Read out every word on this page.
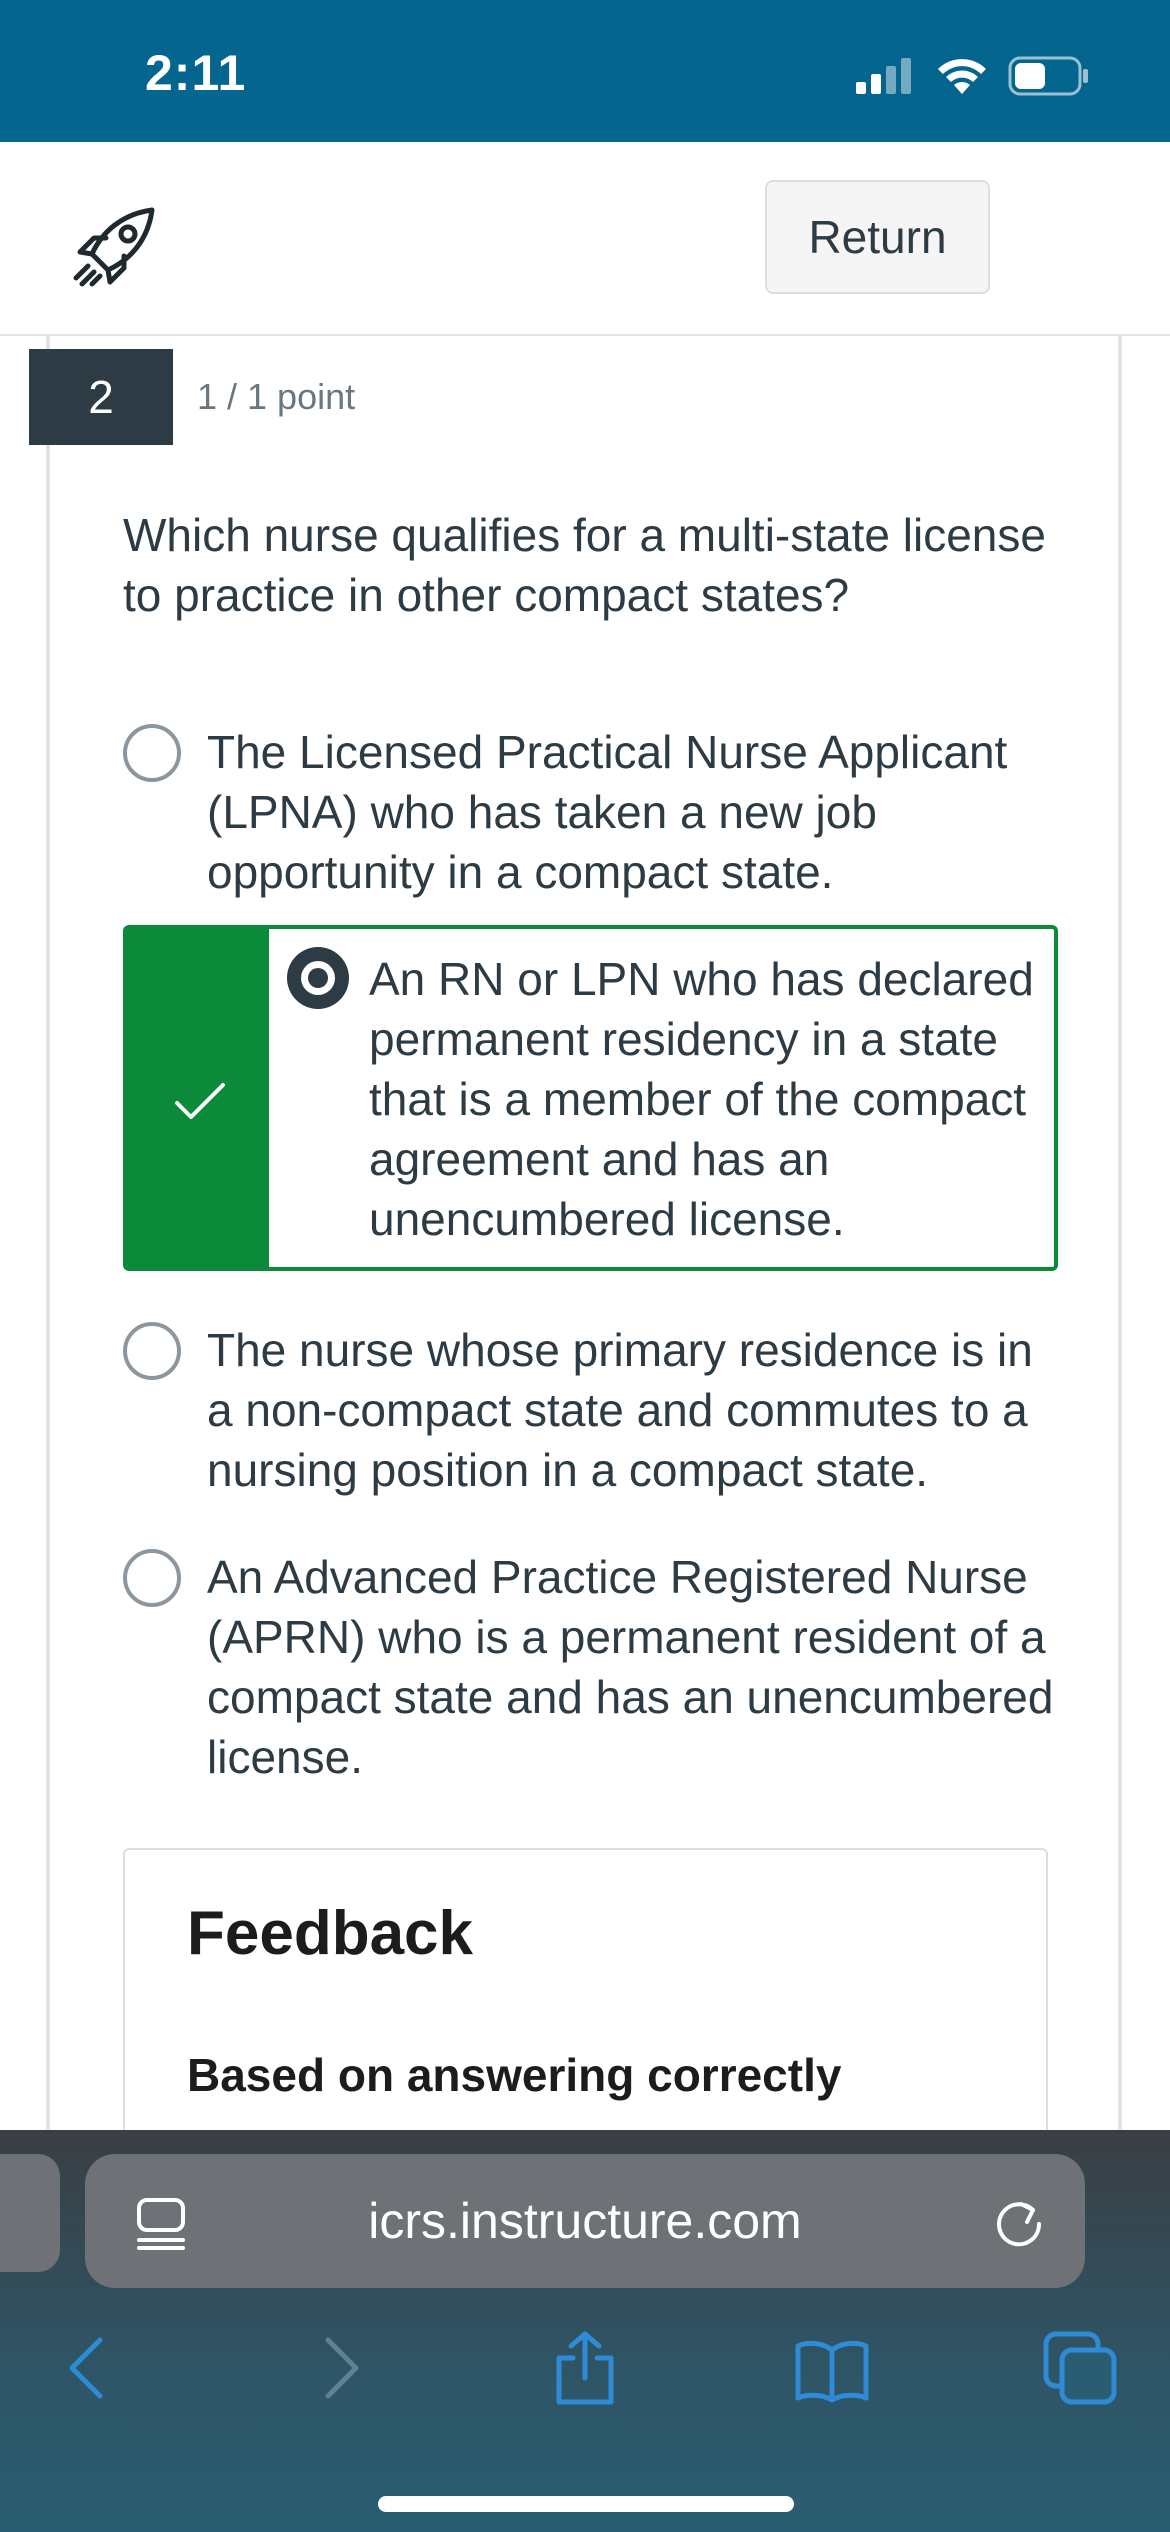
2:11
Return
2	1 / 1 point
Which nurse qualifies for a multi-state license to practice in other compact states?
The Licensed Practical Nurse Applicant (LPNA) who has taken a new job opportunity in a compact state.
An RN or LPN who has declared permanent residency in a state that is a member of the compact agreement and has an unencumbered license.
The nurse whose primary residence is in a non-compact state and commutes to a nursing position in a compact state.
An Advanced Practice Registered Nurse (APRN) who is a permanent resident of a compact state and has an unencumbered license.
Feedback
Based on answering correctly
icrs.instructure.com
